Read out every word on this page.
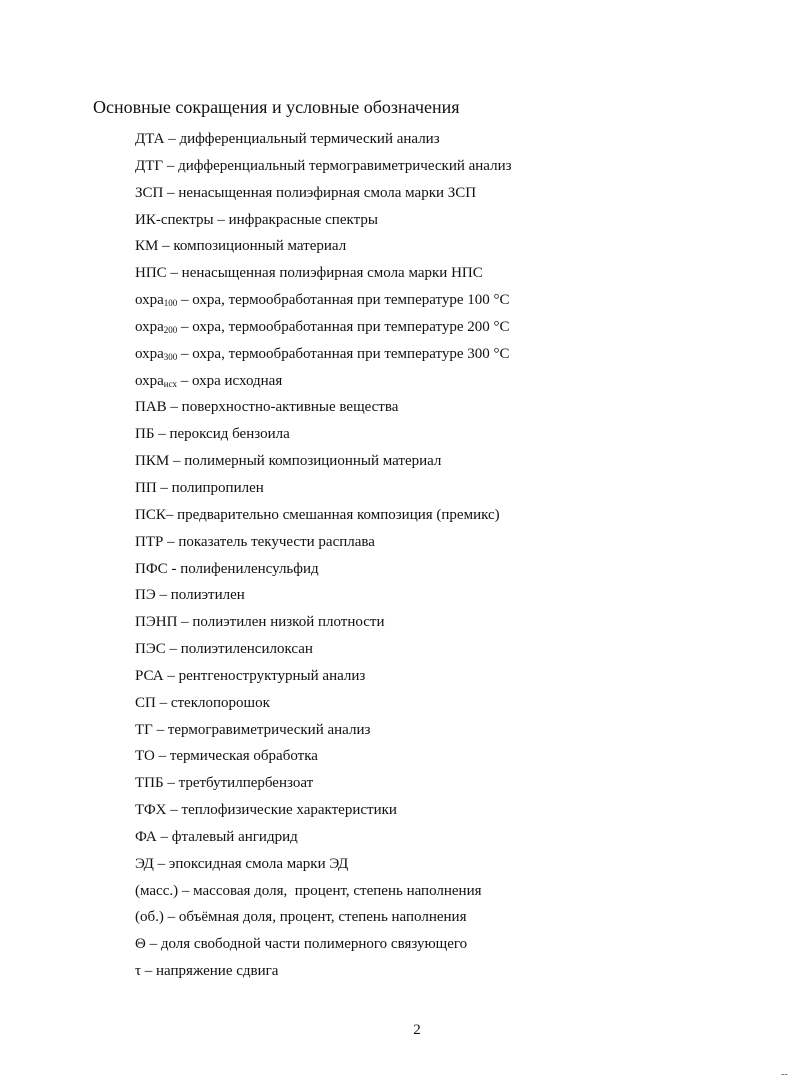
Основные сокращения и условные обозначения
ДТА – дифференциальный термический анализ
ДТГ – дифференциальный термогравиметрический анализ
ЗСП – ненасыщенная полиэфирная смола марки ЗСП
ИК-спектры – инфракрасные спектры
КМ – композиционный материал
НПС – ненасыщенная полиэфирная смола марки НПС
охра$_{100}$ – охра, термообработанная при температуре 100 °С
охра$_{200}$ – охра, термообработанная при температуре 200 °С
охра$_{300}$ – охра, термообработанная при температуре 300 °С
охра$_{исх}$ – охра исходная
ПАВ – поверхностно-активные вещества
ПБ – пероксид бензоила
ПКМ – полимерный композиционный материал
ПП – полипропилен
ПСК– предварительно смешанная композиция (премикс)
ПТР – показатель текучести расплава
ПФС - полифениленсульфид
ПЭ – полиэтилен
ПЭНП – полиэтилен низкой плотности
ПЭС – полиэтиленсилоксан
РСА – рентгеноструктурный анализ
СП – стеклопорошок
ТГ – термогравиметрический анализ
ТО – термическая обработка
ТПБ – третбутилпербензоат
ТФХ – теплофизические характеристики
ФА – фталевый ангидрид
ЭД – эпоксидная смола марки ЭД
(масс.) – массовая доля,  процент, степень наполнения
(об.) – объёмная доля, процент, степень наполнения
Θ – доля свободной части полимерного связующего
τ – напряжение сдвига
2
--
